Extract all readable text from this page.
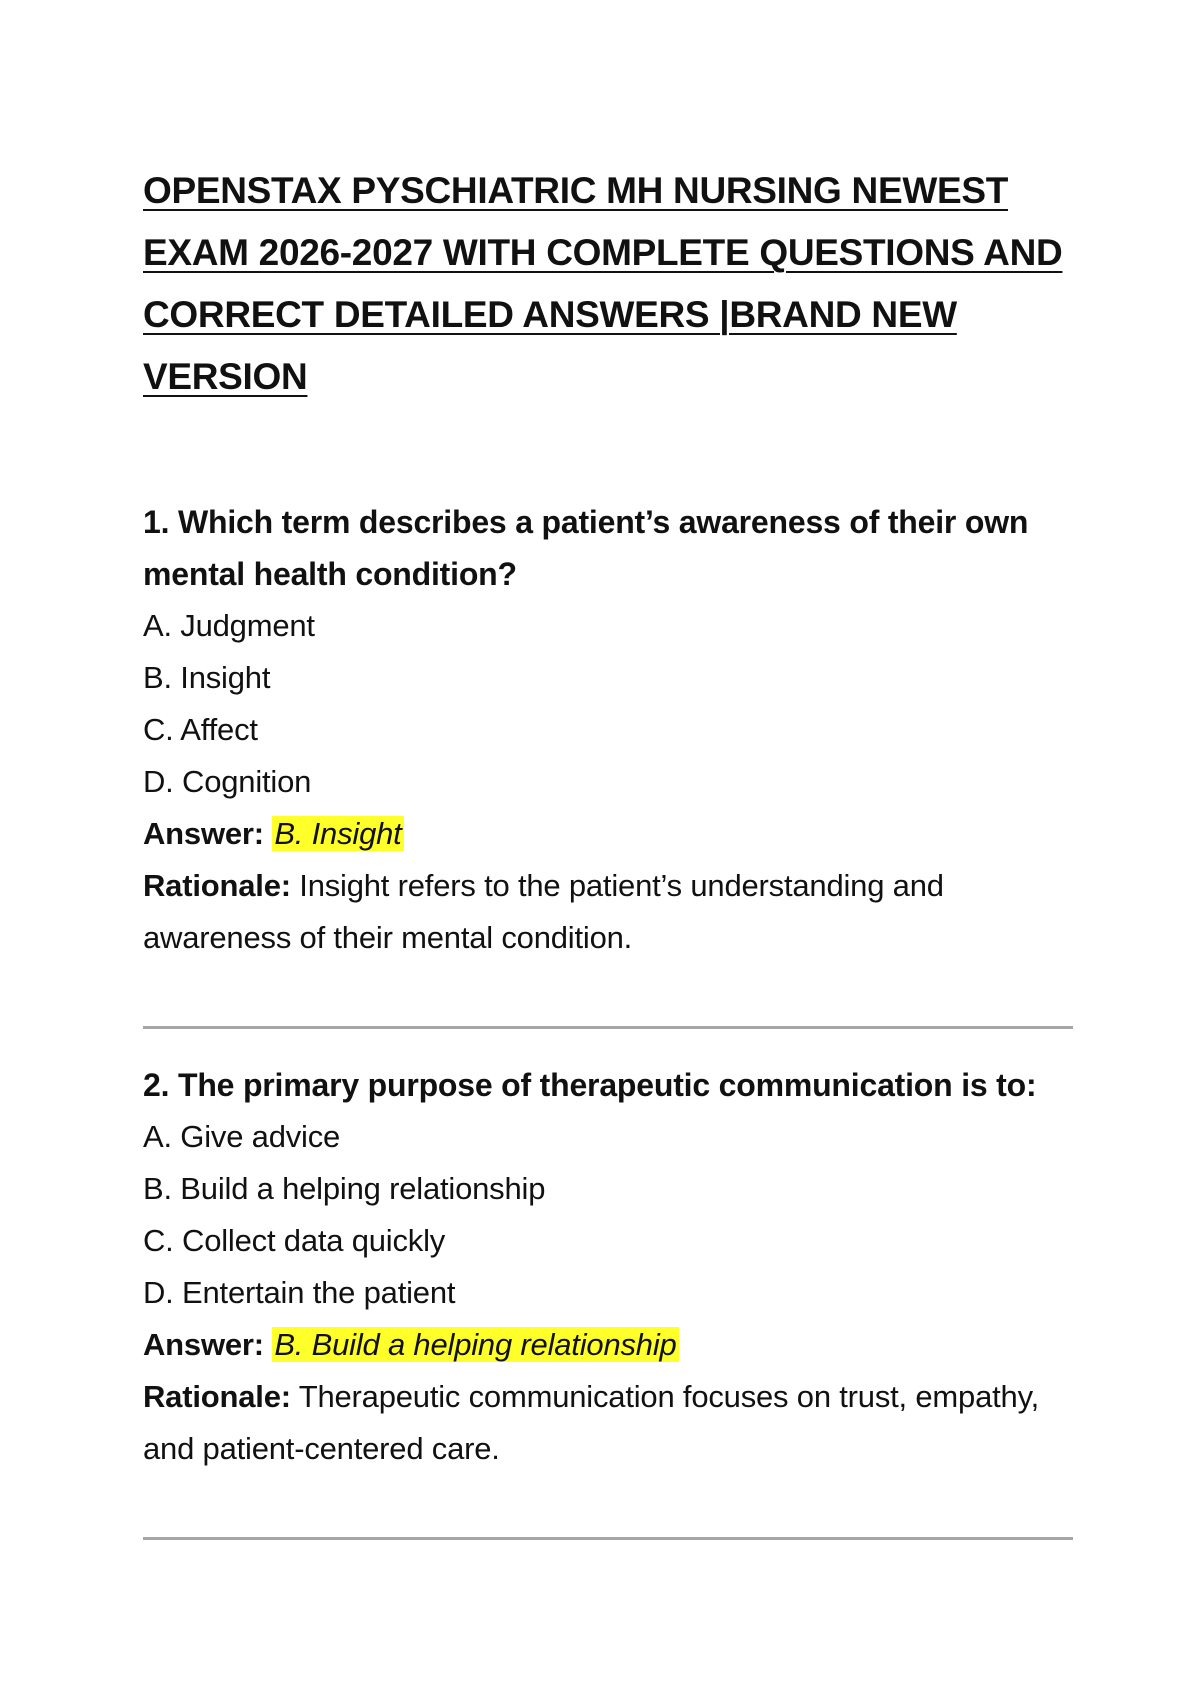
OPENSTAX PYSCHIATRIC MH NURSING NEWEST EXAM 2026-2027 WITH COMPLETE QUESTIONS AND CORRECT DETAILED ANSWERS |BRAND NEW VERSION

1. Which term describes a patient’s awareness of their own mental health condition?

A. Judgment
B. Insight
C. Affect
D. Cognition

Answer: B. Insight

Rationale: Insight refers to the patient’s understanding and awareness of their mental condition.

2. The primary purpose of therapeutic communication is to:

A. Give advice
B. Build a helping relationship
C. Collect data quickly
D. Entertain the patient

Answer: B. Build a helping relationship

Rationale: Therapeutic communication focuses on trust, empathy, and patient-centered care.
